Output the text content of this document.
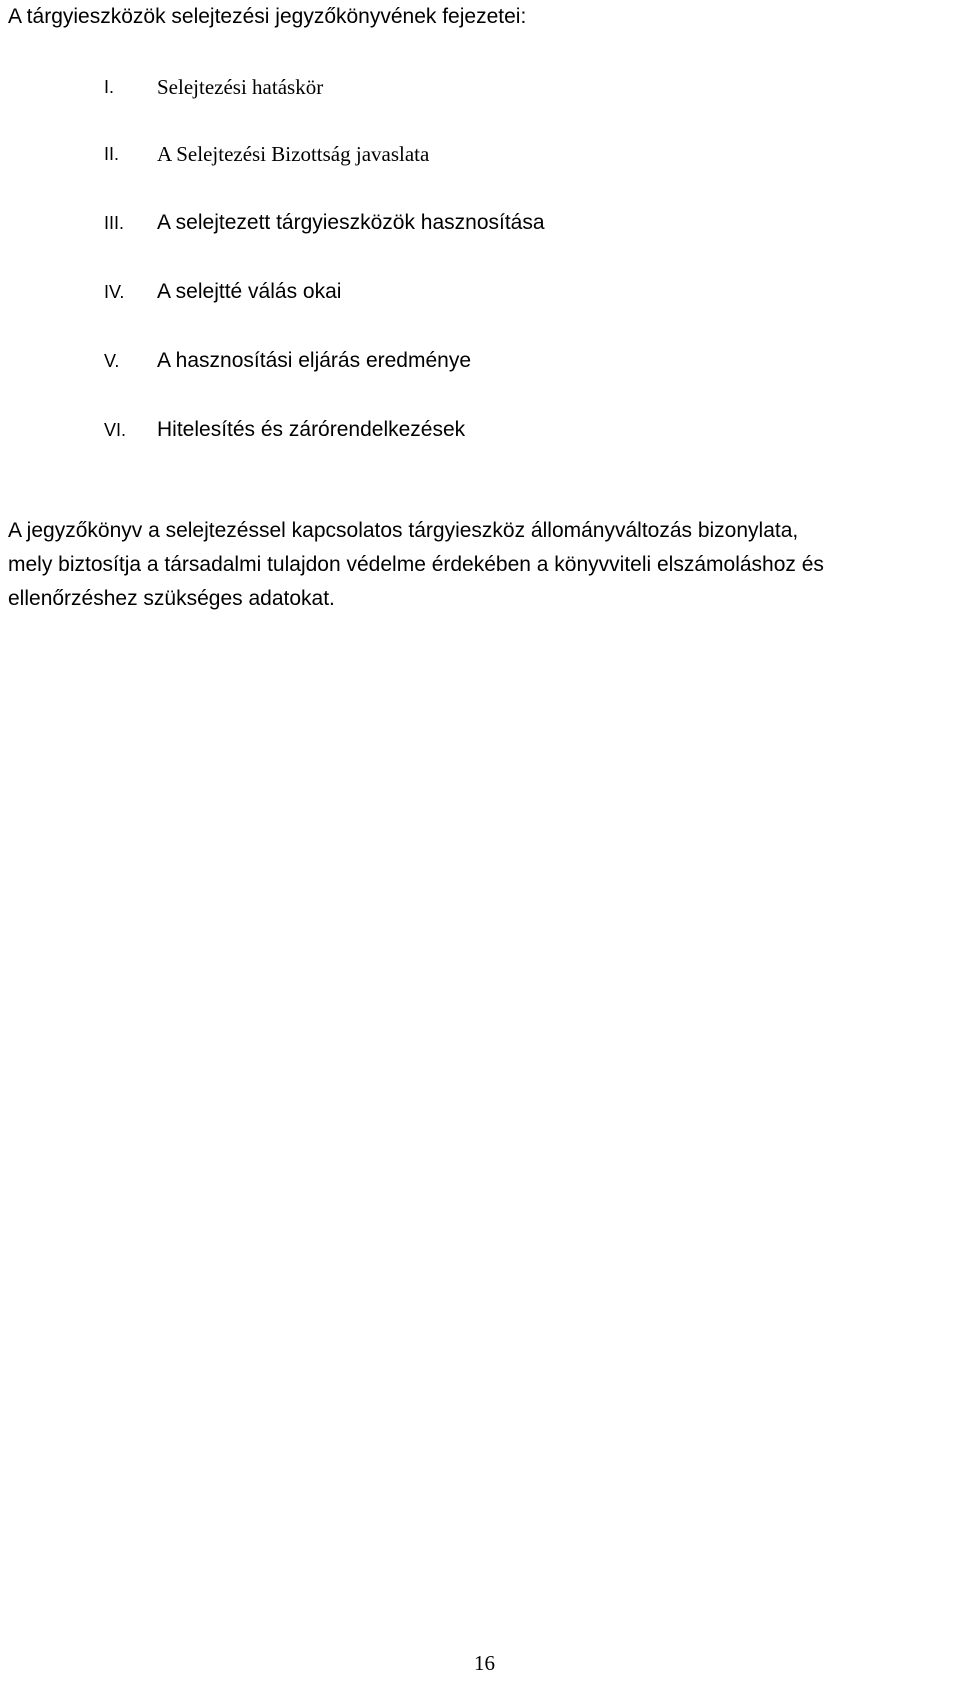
A tárgyieszközök selejtezési jegyzőkönyvének fejezetei:
I. Selejtezési hatáskör
II. A Selejtezési Bizottság javaslata
III. A selejtezett tárgyieszközök hasznosítása
IV. A selejtté válás okai
V. A hasznosítási eljárás eredménye
VI. Hitelesítés és zárórendelkezések
A jegyzőkönyv a selejtezéssel kapcsolatos tárgyieszköz állományváltozás bizonylata,
mely biztosítja a társadalmi tulajdon védelme érdekében a könyvviteli elszámoláshoz és
ellenőrzéshez szükséges adatokat.
16
